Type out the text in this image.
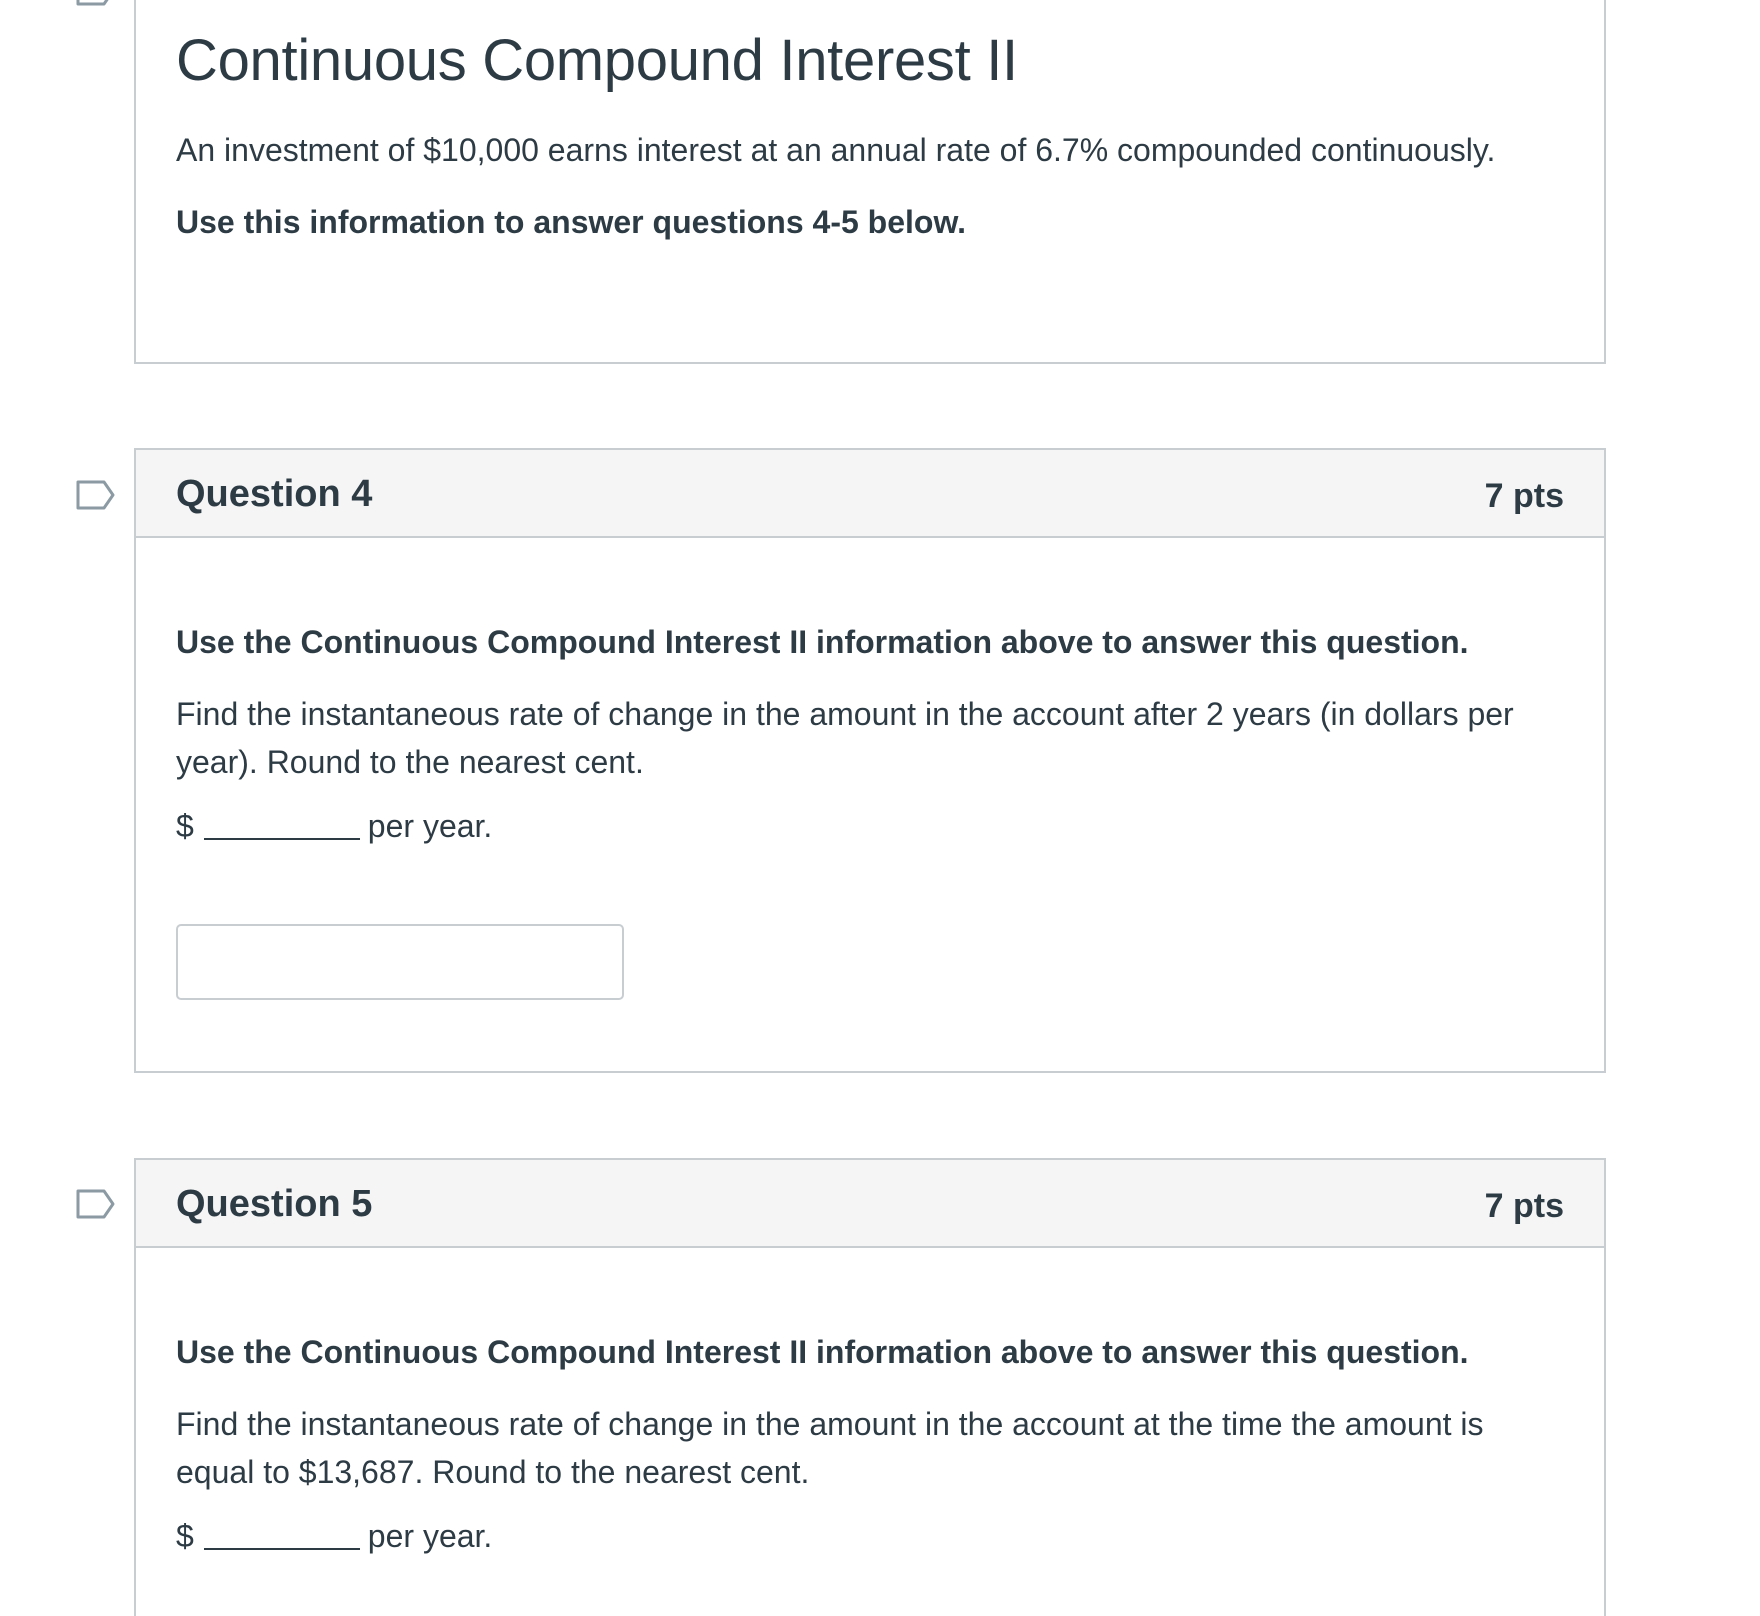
Continuous Compound Interest II
An investment of $10,000 earns interest at an annual rate of 6.7% compounded continuously.
Use this information to answer questions 4-5 below.
Question 4	7 pts
Use the Continuous Compound Interest II information above to answer this question.
Find the instantaneous rate of change in the amount in the account after 2 years (in dollars per year). Round to the nearest cent.
$	per year.
Question 5	7 pts
Use the Continuous Compound Interest II information above to answer this question.
Find the instantaneous rate of change in the amount in the account at the time the amount is equal to $13,687. Round to the nearest cent.
$	per year.
